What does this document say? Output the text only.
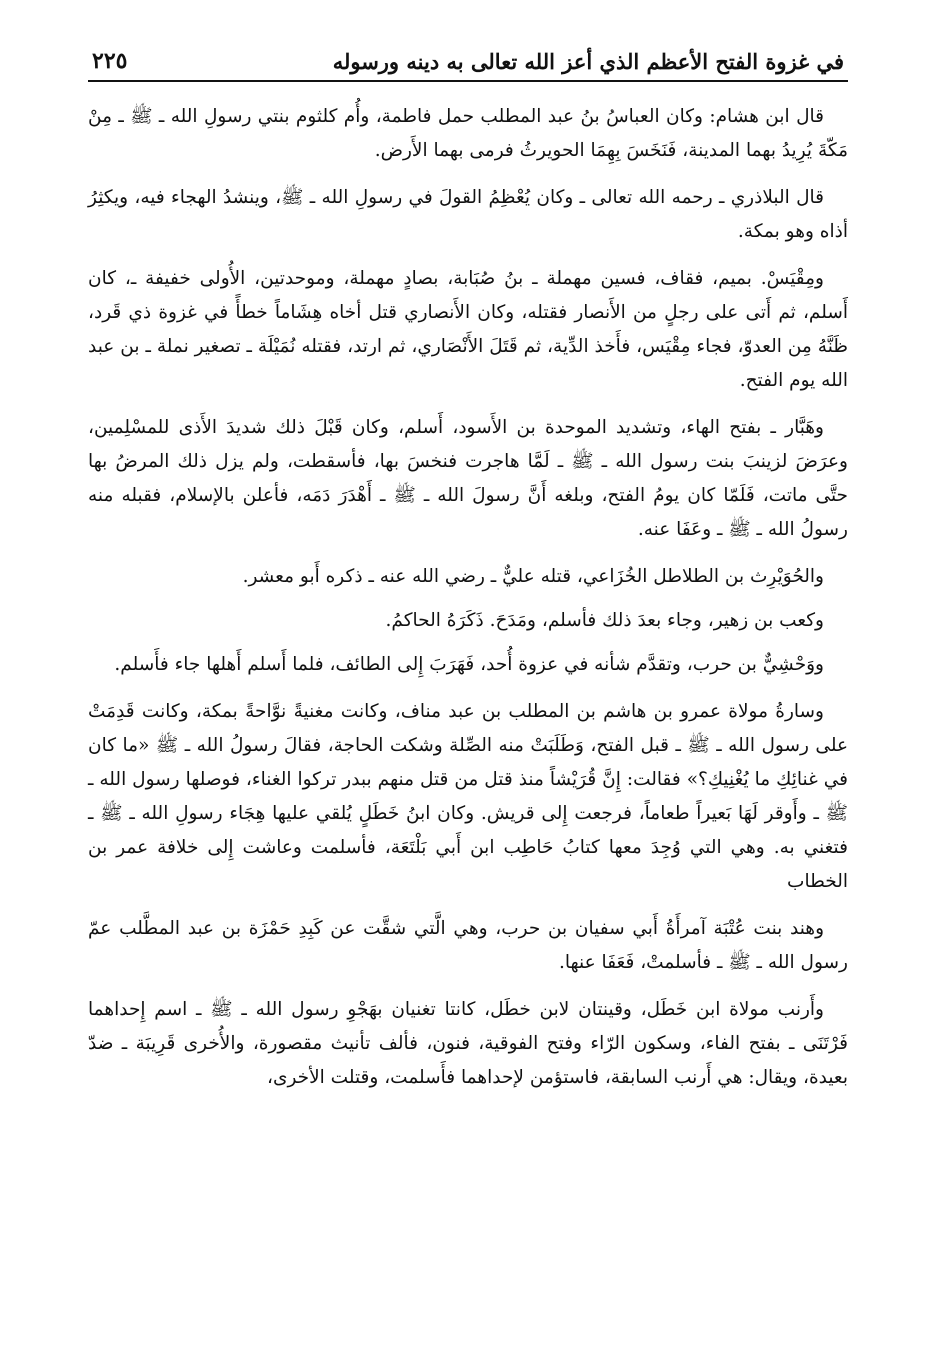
في غزوة الفتح الأعظم الذي أعز الله تعالى به دينه ورسوله
٢٢٥

قال ابن هشام: وكان العباسُ بنُ عبد المطلب حمل فاطمة، وأُم كلثوم بنتي رسولِ الله ـ ﷺ ـ مِنْ مَكّةَ يُرِيدُ بهما المدينة، فَنَخَسَ بِهِمَا الحويرثُ فرمى بهما الأَرض.

قال البلاذري ـ رحمه الله تعالى ـ وكان يُعْظِمُ القولَ في رسولِ الله ـ ﷺ، وينشدُ الهجاء فيه، ويكثِرُ أذاه وهو بمكة.

ومِقْيَسْ. بميم، فقاف، فسين مهملة ـ بنُ صُبَابة، بصادٍ مهملة، وموحدتين، الأُولى خفيفة ـ، كان أَسلم، ثم أَتى على رجلٍ من الأَنصار فقتله، وكان الأَنصاري قتل أخاه هِشَاماً خطأً في غزوة ذي قَرد، ظَنَّهُ مِن العدوّ، فجاء مِقْيَس، فأَخذ الدِّية، ثم قَتَلَ الأَنْصَاري، ثم ارتد، فقتله نُمَيْلَة ـ تصغير نملة ـ بن عبد الله يوم الفتح.

وهَبَّار ـ بفتح الهاء، وتشديد الموحدة بن الأَسود، أَسلم، وكان قَبْلَ ذلك شديدَ الأَذى للمسْلِمين، وعرَضَ لزينبَ بنت رسول الله ـ ﷺ ـ لَمَّا هاجرت فنخسَ بها، فأسقطت، ولم يزل ذلك المرضُ بها حتَّى ماتت، فَلَمّا كان يومُ الفتح، وبلغه أَنَّ رسولَ الله ـ ﷺ ـ أَهْدَرَ دَمَه، فأعلن بالإسلام، فقبله منه رسولُ الله ـ ﷺ ـ وعَفَا عنه.

والحُوَيْرِث بن الطلاطل الخُزَاعي، قتله عليٌّ ـ رضي الله عنه ـ ذكره أَبو معشر.

وكعب بن زهير، وجاء بعدَ ذلك فأسلم، ومَدَحَ. ذَكَرَهُ الحاكمُ.

ووَحْشِيٌّ بن حرب، وتقدَّم شأنه في عزوة أُحد، فَهَرَبَ إِلى الطائف، فلما أَسلم أَهلها جاء فأَسلم.

وسارةُ مولاة عمرو بن هاشم بن المطلب بن عبد مناف، وكانت مغنيةً نوَّاحةً بمكة، وكانت قَدِمَتْ على رسول الله ـ ﷺ ـ قبل الفتح، وَطَلَبَتْ منه الصِّلة وشكت الحاجة، فقالَ رسولُ الله ـ ﷺ «ما كان في غنائِكِ ما يُغْنِيكِ؟» فقالت: إِنَّ قُرَيْشاً منذ قتل من قتل منهم ببدر تركوا الغناء، فوصلها رسول الله ـ ﷺ ـ وأَوقر لَهَا بَعيراً طعاماً، فرجعت إِلى قريش. وكان ابنُ خَطَلٍ يُلقي عليها هِجَاء رسولِ الله ـ ﷺ ـ فتغني به. وهي التي وُجِدَ معها كتابُ حَاطِب ابن أَبي بَلْتَعَة، فأسلمت وعاشت إِلى خلافة عمر بن الخطاب

وهند بنت عُتْبَة آمرأَةُ أَبي سفيان بن حرب، وهي الَّتي شقَّت عن كَبِدِ حَمْزَة بن عبد المطَّلب عمّ رسول الله ـ ﷺ ـ فأسلمتْ، فَعَفَا عنها.

وأَرنب مولاة ابن خَطَل، وقينتان لابن خطَل، كانتا تغنيان بهَجْوِ رسول الله ـ ﷺ ـ اسم إِحداهما فَرْتَنَى ـ بفتح الفاء، وسكون الرّاء وفتح الفوقية، فنون، فألف تأنيث مقصورة، والأُخرى قَرِيبَة ـ ضدّ بعيدة، ويقال: هي أَرنب السابقة، فاستؤمن لإحداهما فأَسلمت، وقتلت الأخرى،
